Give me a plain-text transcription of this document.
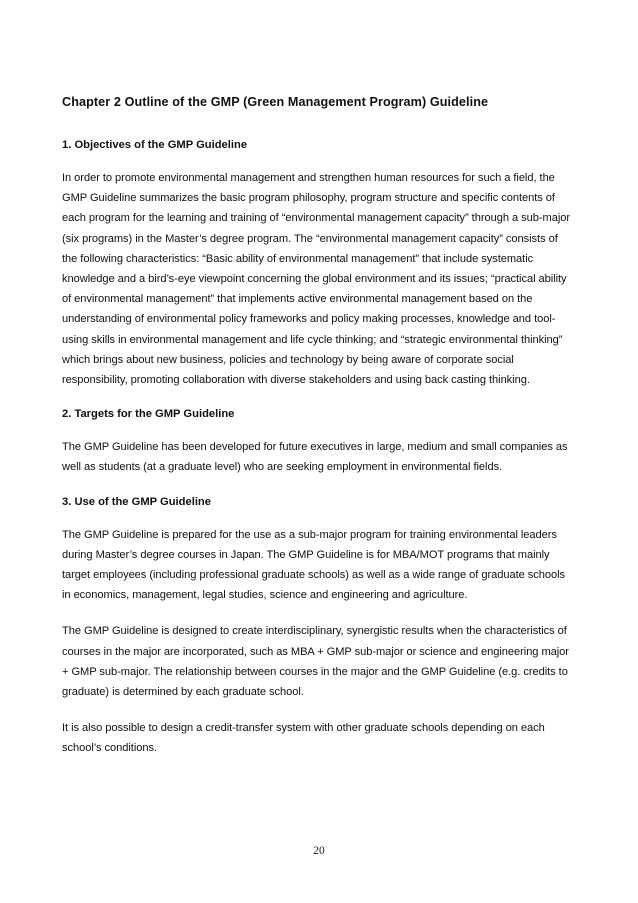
Chapter 2 Outline of the GMP (Green Management Program) Guideline
1. Objectives of the GMP Guideline

In order to promote environmental management and strengthen human resources for such a field, the GMP Guideline summarizes the basic program philosophy, program structure and specific contents of each program for the learning and training of “environmental management capacity” through a sub-major (six programs) in the Master’s degree program. The “environmental management capacity” consists of the following characteristics: “Basic ability of environmental management” that include systematic knowledge and a bird’s-eye viewpoint concerning the global environment and its issues; “practical ability of environmental management” that implements active environmental management based on the understanding of environmental policy frameworks and policy making processes, knowledge and tool-using skills in environmental management and life cycle thinking; and “strategic environmental thinking” which brings about new business, policies and technology by being aware of corporate social responsibility, promoting collaboration with diverse stakeholders and using back casting thinking.

2. Targets for the GMP Guideline

The GMP Guideline has been developed for future executives in large, medium and small companies as well as students (at a graduate level) who are seeking employment in environmental fields.

3. Use of the GMP Guideline

The GMP Guideline is prepared for the use as a sub-major program for training environmental leaders during Master’s degree courses in Japan. The GMP Guideline is for MBA/MOT programs that mainly target employees (including professional graduate schools) as well as a wide range of graduate schools in economics, management, legal studies, science and engineering and agriculture.

The GMP Guideline is designed to create interdisciplinary, synergistic results when the characteristics of courses in the major are incorporated, such as MBA + GMP sub-major or science and engineering major + GMP sub-major. The relationship between courses in the major and the GMP Guideline (e.g. credits to graduate) is determined by each graduate school.

It is also possible to design a credit-transfer system with other graduate schools depending on each school’s conditions.

20
